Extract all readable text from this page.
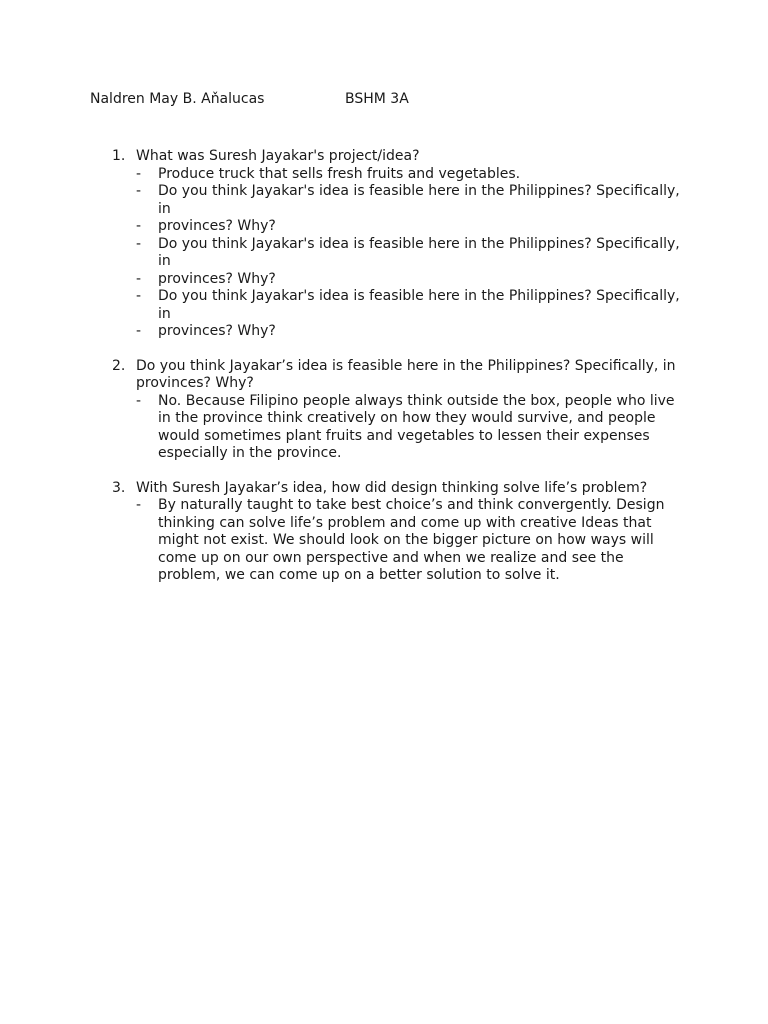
Naldren May B. Aňalucas	BSHM 3A
1. What was Suresh Jayakar's project/idea?
- Produce truck that sells fresh fruits and vegetables.
- Do you think Jayakar's idea is feasible here in the Philippines? Specifically, in
- provinces? Why?
- Do you think Jayakar's idea is feasible here in the Philippines? Specifically, in
- provinces? Why?
- Do you think Jayakar's idea is feasible here in the Philippines? Specifically, in
- provinces? Why?
2. Do you think Jayakar’s idea is feasible here in the Philippines? Specifically, in provinces? Why?
- No. Because Filipino people always think outside the box, people who live in the province think creatively on how they would survive, and people would sometimes plant fruits and vegetables to lessen their expenses especially in the province.
3. With Suresh Jayakar’s idea, how did design thinking solve life’s problem?
- By naturally taught to take best choice’s and think convergently. Design thinking can solve life’s problem and come up with creative Ideas that might not exist. We should look on the bigger picture on how ways will come up on our own perspective and when we realize and see the problem, we can come up on a better solution to solve it.
